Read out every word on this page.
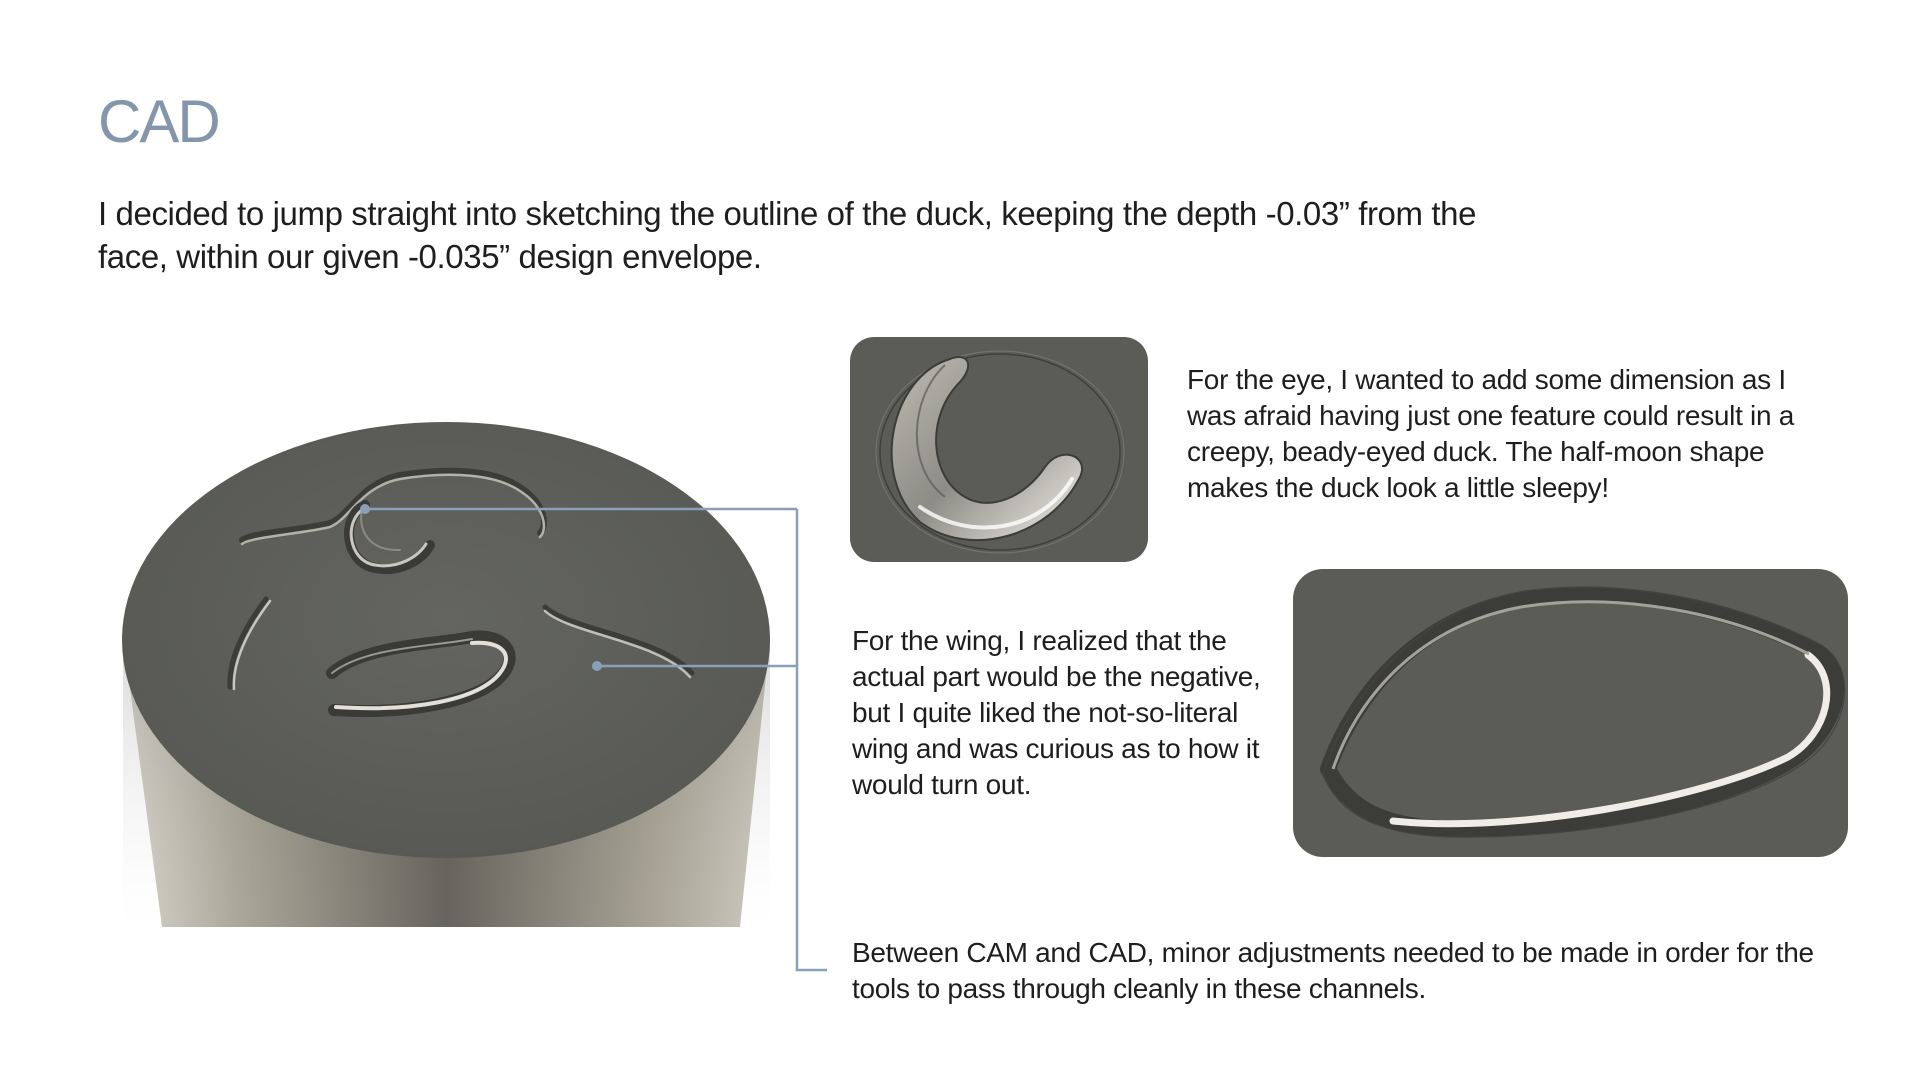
CAD

I decided to jump straight into sketching the outline of the duck, keeping the depth -0.03” from the face, within our given -0.035” design envelope.

For the eye, I wanted to add some dimension as I was afraid having just one feature could result in a creepy, beady-eyed duck. The half-moon shape makes the duck look a little sleepy!

For the wing, I realized that the actual part would be the negative, but I quite liked the not-so-literal wing and was curious as to how it would turn out.

Between CAM and CAD, minor adjustments needed to be made in order for the tools to pass through cleanly in these channels.
